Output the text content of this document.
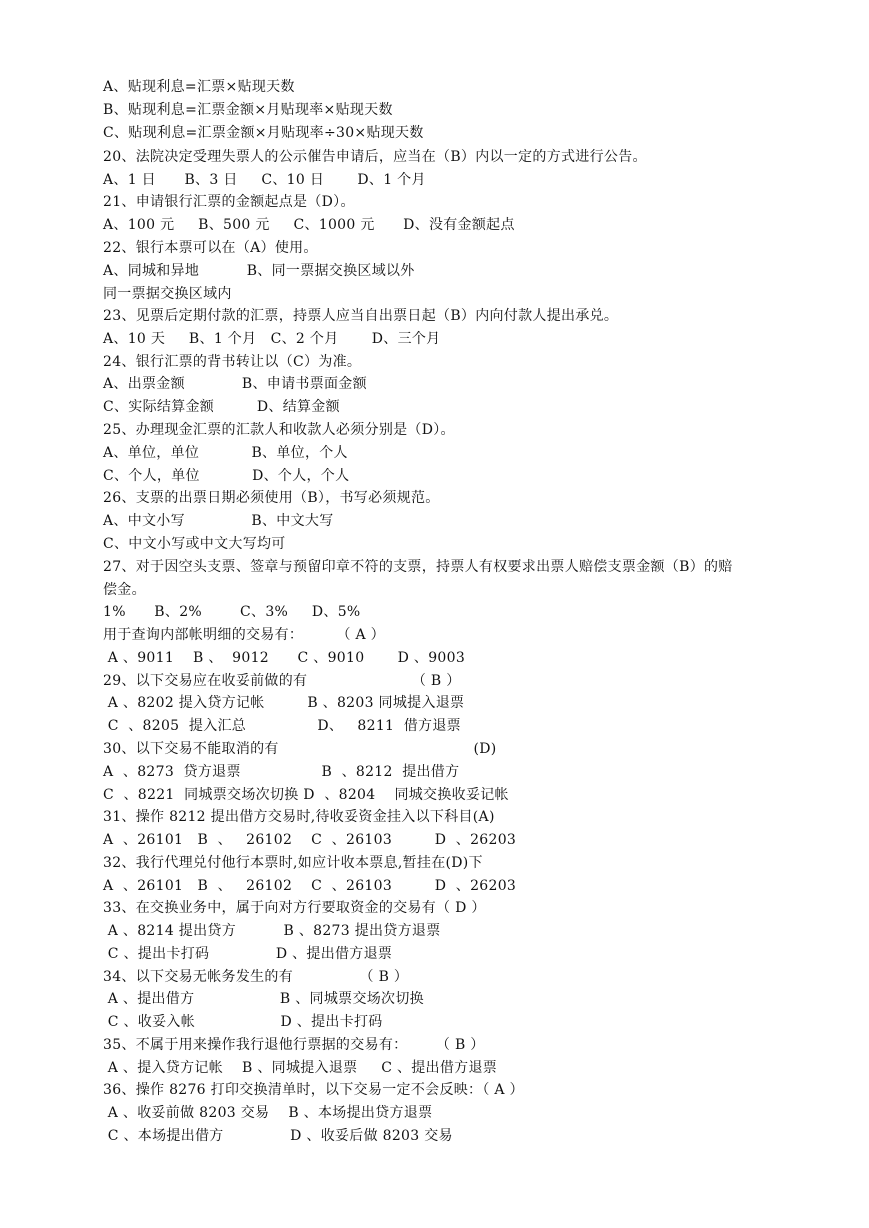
A、贴现利息=汇票×贴现天数
B、贴现利息=汇票金额×月贴现率×贴现天数
C、贴现利息=汇票金额×月贴现率÷30×贴现天数
20、法院决定受理失票人的公示催告申请后，应当在（B）内以一定的方式进行公告。
A、1 日      B、3 日     C、10 日       D、1 个月
21、申请银行汇票的金额起点是（D）。
A、100 元     B、500 元     C、1000 元      D、没有金额起点
22、银行本票可以在（A）使用。
A、同城和异地          B、同一票据交换区域以外
同一票据交换区域内
23、见票后定期付款的汇票，持票人应当自出票日起（B）内向付款人提出承兑。
A、10 天     B、1 个月   C、2 个月       D、三个月
24、银行汇票的背书转让以（C）为准。
A、出票金额            B、申请书票面金额
C、实际结算金额         D、结算金额
25、办理现金汇票的汇款人和收款人必须分别是（D）。
A、单位，单位           B、单位，个人
C、个人，单位           D、个人，个人
26、支票的出票日期必须使用（B），书写必须规范。
A、中文小写              B、中文大写
C、中文小写或中文大写均可
27、对于因空头支票、签章与预留印章不符的支票，持票人有权要求出票人赔偿支票金额（B）的赔
偿金。
1%      B、2%        C、3%     D、5%
用于查询内部帐明细的交易有：       （ A ）
A 、9011    B 、  9012      C 、9010       D 、9003
29、以下交易应在收妥前做的有                      （ B ）
A 、8202 提入贷方记帐         B 、8203 同城提入退票
C  、8205  提入汇总               D、   8211  借方退票
30、以下交易不能取消的有                                         (D)
A  、8273  贷方退票                 B  、8212  提出借方
C  、8221  同城票交场次切换 D  、8204    同城交换收妥记帐
31、操作 8212 提出借方交易时,待收妥资金挂入以下科目(A)
A  、26101   B  、   26102    C  、26103         D  、26203
32、我行代理兑付他行本票时,如应计收本票息,暂挂在(D)下
A  、26101   B  、   26102    C  、26103         D  、26203
33、在交换业务中，属于向对方行要取资金的交易有（ D ）
A 、8214 提出贷方          B 、8273 提出贷方退票
C 、提出卡打码              D 、提出借方退票
34、以下交易无帐务发生的有              （ B ）
A 、提出借方                  B 、同城票交场次切换
C 、收妥入帐                  D 、提出卡打码
35、不属于用来操作我行退他行票据的交易有：      （ B ）
A 、提入贷方记帐    B 、同城提入退票     C 、提出借方退票
36、操作 8276 打印交换清单时，以下交易一定不会反映：（ A ）
A 、收妥前做 8203 交易    B 、本场提出贷方退票
C 、本场提出借方              D 、收妥后做 8203 交易
